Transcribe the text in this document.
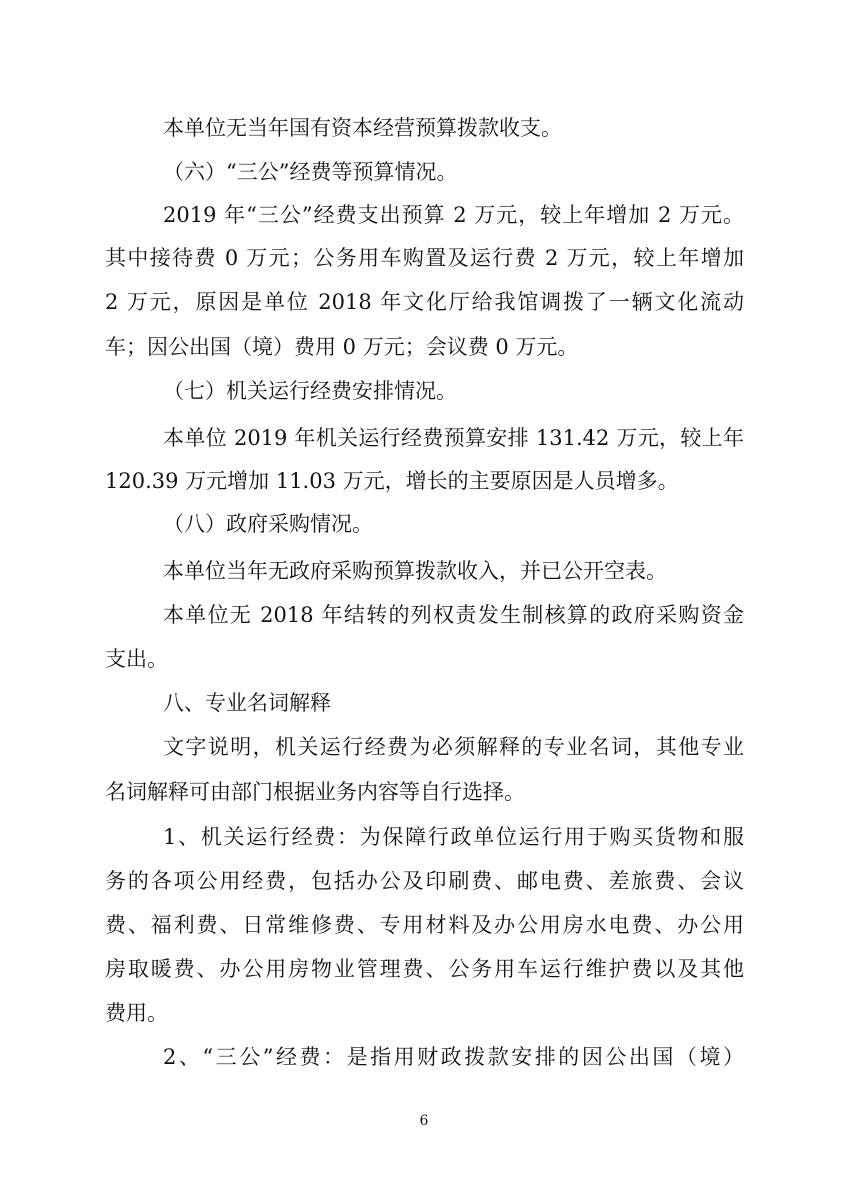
本单位无当年国有资本经营预算拨款收支。
（六）“三公”经费等预算情况。
2019 年“三公”经费支出预算 2 万元，较上年增加 2 万元。
其中接待费 0 万元；公务用车购置及运行费 2 万元，较上年增加
2 万元，原因是单位 2018 年文化厅给我馆调拨了一辆文化流动
车；因公出国（境）费用 0 万元；会议费 0 万元。
（七）机关运行经费安排情况。
本单位 2019 年机关运行经费预算安排 131.42 万元，较上年
120.39 万元增加 11.03 万元，增长的主要原因是人员增多。
（八）政府采购情况。
本单位当年无政府采购预算拨款收入，并已公开空表。
本单位无 2018 年结转的列权责发生制核算的政府采购资金
支出。
八、专业名词解释
文字说明，机关运行经费为必须解释的专业名词，其他专业
名词解释可由部门根据业务内容等自行选择。
1、机关运行经费：为保障行政单位运行用于购买货物和服
务的各项公用经费，包括办公及印刷费、邮电费、差旅费、会议
费、福利费、日常维修费、专用材料及办公用房水电费、办公用
房取暖费、办公用房物业管理费、公务用车运行维护费以及其他
费用。
2、“三公”经费：是指用财政拨款安排的因公出国（境）
6
